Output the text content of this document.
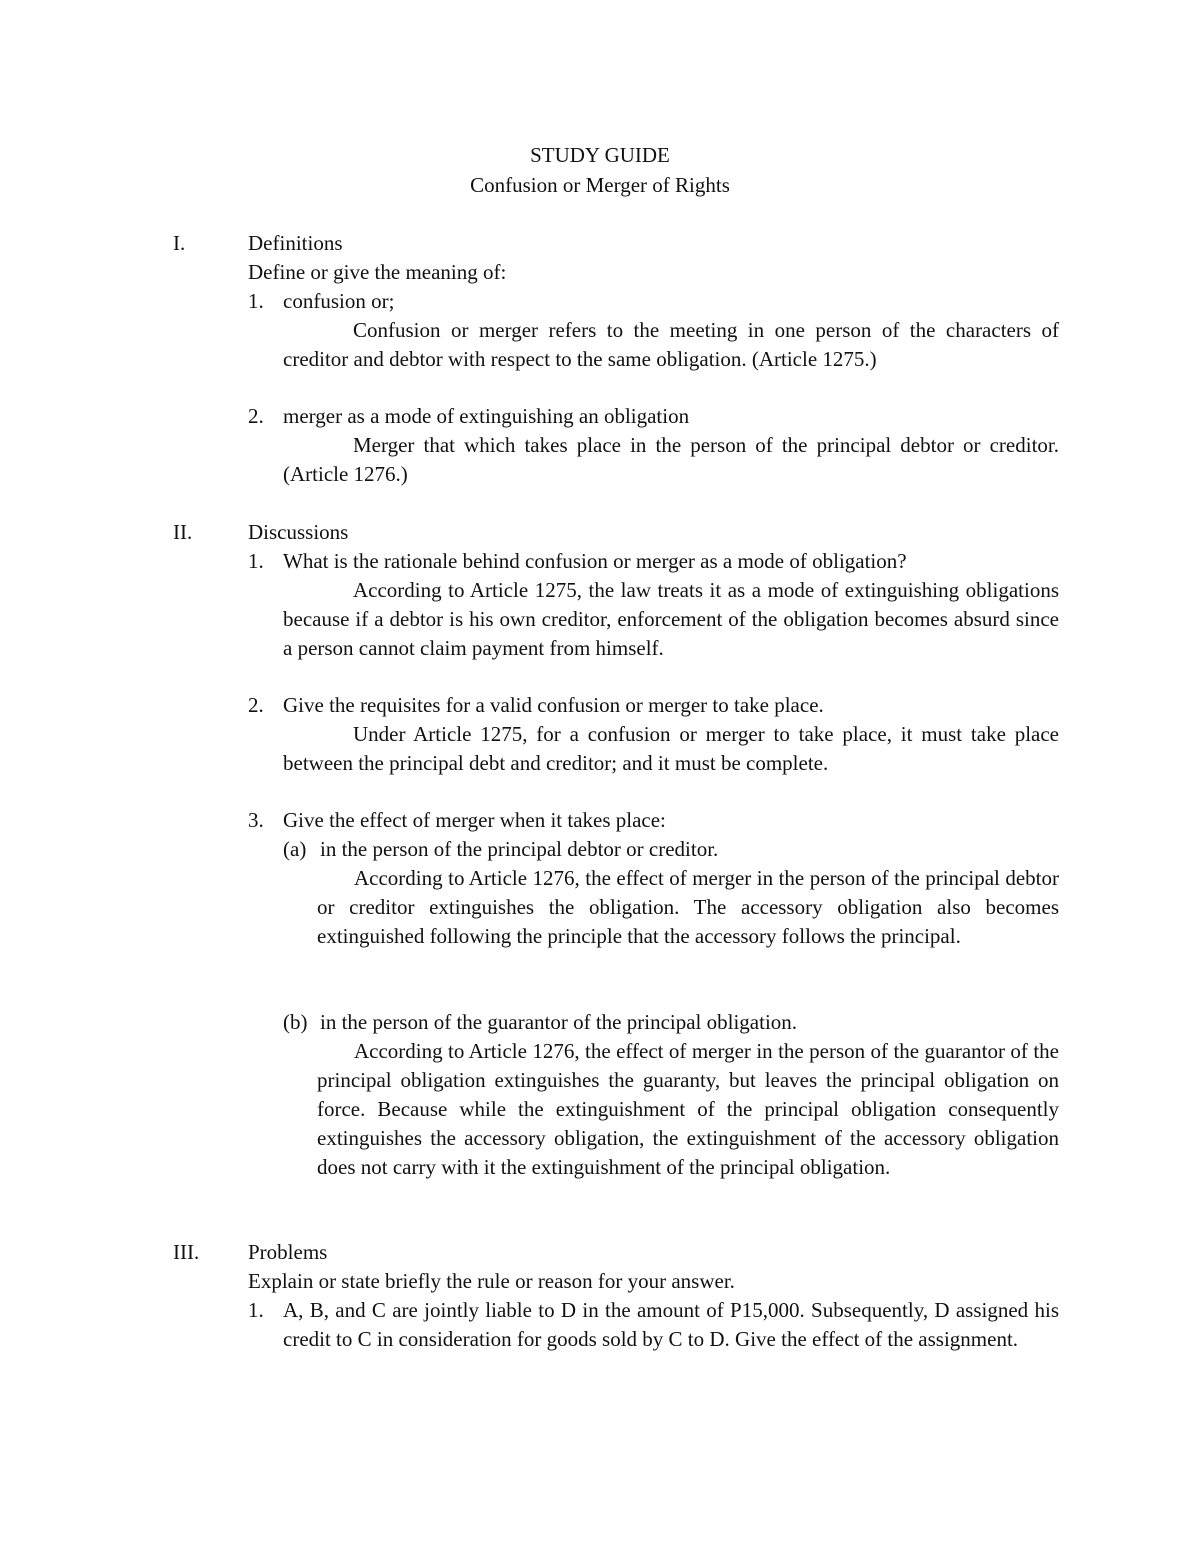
STUDY GUIDE
Confusion or Merger of Rights
I.	Definitions
Define or give the meaning of:
1. confusion or;
Confusion or merger refers to the meeting in one person of the characters of creditor and debtor with respect to the same obligation. (Article 1275.)
2. merger as a mode of extinguishing an obligation
Merger that which takes place in the person of the principal debtor or creditor. (Article 1276.)
II.	Discussions
1. What is the rationale behind confusion or merger as a mode of obligation?
According to Article 1275, the law treats it as a mode of extinguishing obligations because if a debtor is his own creditor, enforcement of the obligation becomes absurd since a person cannot claim payment from himself.
2. Give the requisites for a valid confusion or merger to take place.
Under Article 1275, for a confusion or merger to take place, it must take place between the principal debt and creditor; and it must be complete.
3. Give the effect of merger when it takes place:
(a) in the person of the principal debtor or creditor.
According to Article 1276, the effect of merger in the person of the principal debtor or creditor extinguishes the obligation. The accessory obligation also becomes extinguished following the principle that the accessory follows the principal.
(b) in the person of the guarantor of the principal obligation.
According to Article 1276, the effect of merger in the person of the guarantor of the principal obligation extinguishes the guaranty, but leaves the principal obligation on force. Because while the extinguishment of the principal obligation consequently extinguishes the accessory obligation, the extinguishment of the accessory obligation does not carry with it the extinguishment of the principal obligation.
III.	Problems
Explain or state briefly the rule or reason for your answer.
1. A, B, and C are jointly liable to D in the amount of P15,000. Subsequently, D assigned his credit to C in consideration for goods sold by C to D. Give the effect of the assignment.
